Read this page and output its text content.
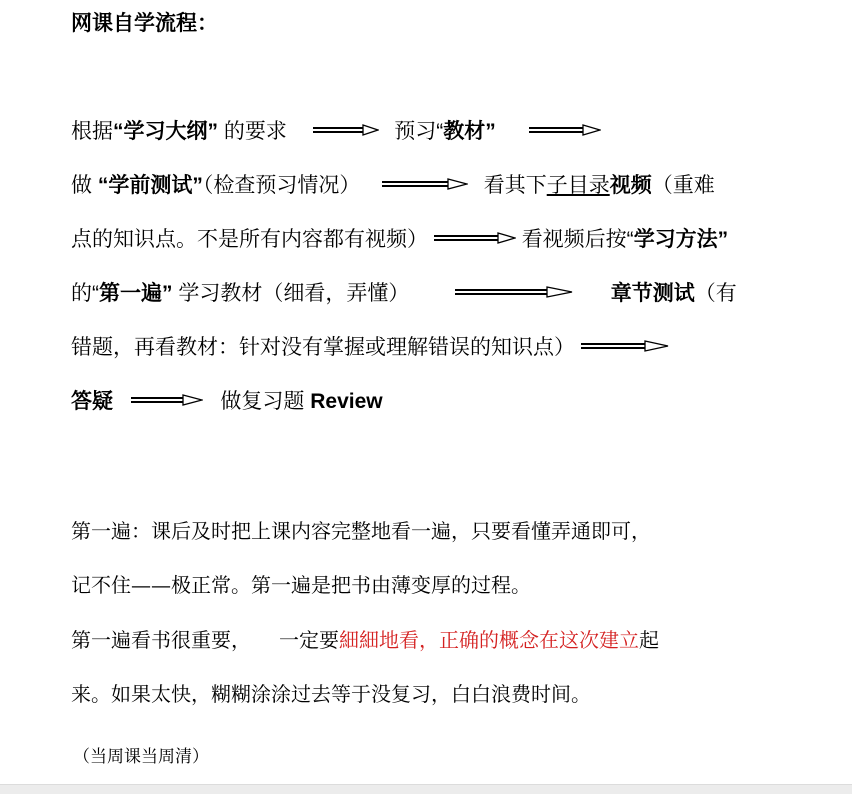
网课自学流程：
根据“学习大纲” 的要求	预习“教材”
做 “学前测试”（检查预习情况）	看其下子目录视频（重难
点的知识点。不是所有内容都有视频）	看视频后按“学习方法”
的“第一遍” 学习教材（细看，弄懂）	章节测试（有
错题，再看教材：针对没有掌握或理解错误的知识点）
答疑	做复习题 Review
第一遍：课后及时把上课内容完整地看一遍，只要看懂弄通即可，
记不住——极正常。第一遍是把书由薄变厚的过程。
第一遍看书很重要， 一定要細細地看，正确的概念在这次建立起
来。如果太快，糊糊涂涂过去等于没复习，白白浪费时间。
（当周课当周清）
